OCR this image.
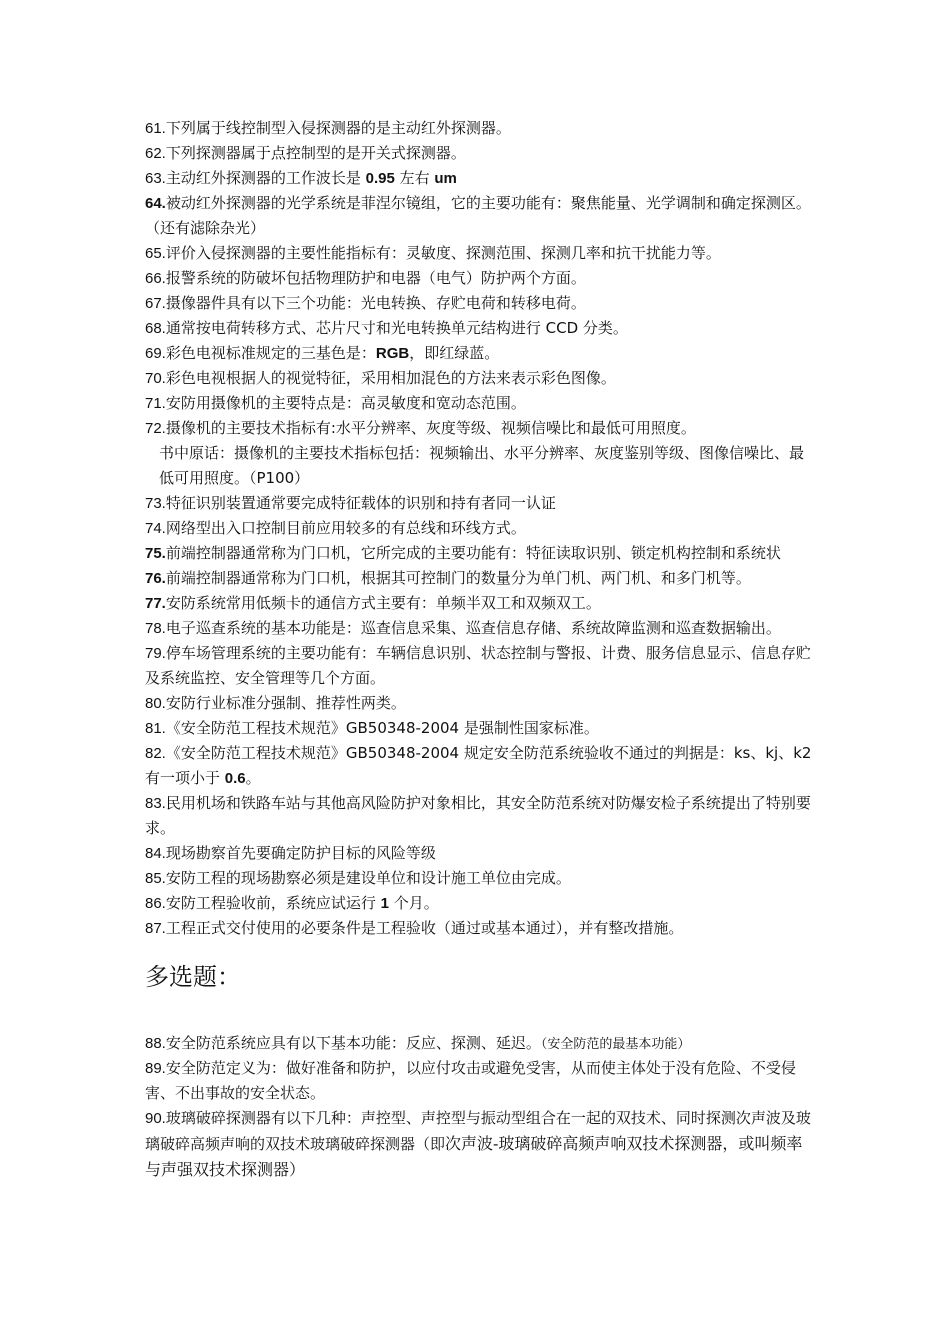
61.下列属于线控制型入侵探测器的是主动红外探测器。
62.下列探测器属于点控制型的是开关式探测器。
63.主动红外探测器的工作波长是 0.95 左右 um
64.被动红外探测器的光学系统是菲涅尔镜组，它的主要功能有：聚焦能量、光学调制和确定探测区。（还有滤除杂光）
65.评价入侵探测器的主要性能指标有：灵敏度、探测范围、探测几率和抗干扰能力等。
66.报警系统的防破坏包括物理防护和电器（电气）防护两个方面。
67.摄像器件具有以下三个功能：光电转换、存贮电荷和转移电荷。
68.通常按电荷转移方式、芯片尺寸和光电转换单元结构进行 CCD 分类。
69.彩色电视标准规定的三基色是：RGB，即红绿蓝。
70.彩色电视根据人的视觉特征，采用相加混色的方法来表示彩色图像。
71.安防用摄像机的主要特点是：高灵敏度和宽动态范围。
72.摄像机的主要技术指标有:水平分辨率、灰度等级、视频信噪比和最低可用照度。
书中原话：摄像机的主要技术指标包括：视频输出、水平分辨率、灰度鉴别等级、图像信噪比、最低可用照度。（P100）
73.特征识别装置通常要完成特征载体的识别和持有者同一认证
74.网络型出入口控制目前应用较多的有总线和环线方式。
75.前端控制器通常称为门口机，它所完成的主要功能有：特征读取识别、锁定机构控制和系统状
76.前端控制器通常称为门口机，根据其可控制门的数量分为单门机、两门机、和多门机等。
77.安防系统常用低频卡的通信方式主要有：单频半双工和双频双工。
78.电子巡查系统的基本功能是：巡查信息采集、巡查信息存储、系统故障监测和巡查数据输出。
79.停车场管理系统的主要功能有：车辆信息识别、状态控制与警报、计费、服务信息显示、信息存贮及系统监控、安全管理等几个方面。
80.安防行业标准分强制、推荐性两类。
81.《安全防范工程技术规范》GB50348-2004 是强制性国家标准。
82.《安全防范工程技术规范》GB50348-2004 规定安全防范系统验收不通过的判据是：ks、kj、k2 有一项小于 0.6。
83.民用机场和铁路车站与其他高风险防护对象相比，其安全防范系统对防爆安检子系统提出了特别要求。
84.现场勘察首先要确定防护目标的风险等级
85.安防工程的现场勘察必须是建设单位和设计施工单位由完成。
86.安防工程验收前，系统应试运行 1 个月。
87.工程正式交付使用的必要条件是工程验收（通过或基本通过），并有整改措施。
多选题：
88.安全防范系统应具有以下基本功能：反应、探测、延迟。（安全防范的最基本功能）
89.安全防范定义为：做好准备和防护，以应付攻击或避免受害，从而使主体处于没有危险、不受侵害、不出事故的安全状态。
90.玻璃破碎探测器有以下几种：声控型、声控型与振动型组合在一起的双技术、同时探测次声波及玻璃破碎高频声响的双技术玻璃破碎探测器（即次声波-玻璃破碎高频声响双技术探测器，或叫频率与声强双技术探测器）
